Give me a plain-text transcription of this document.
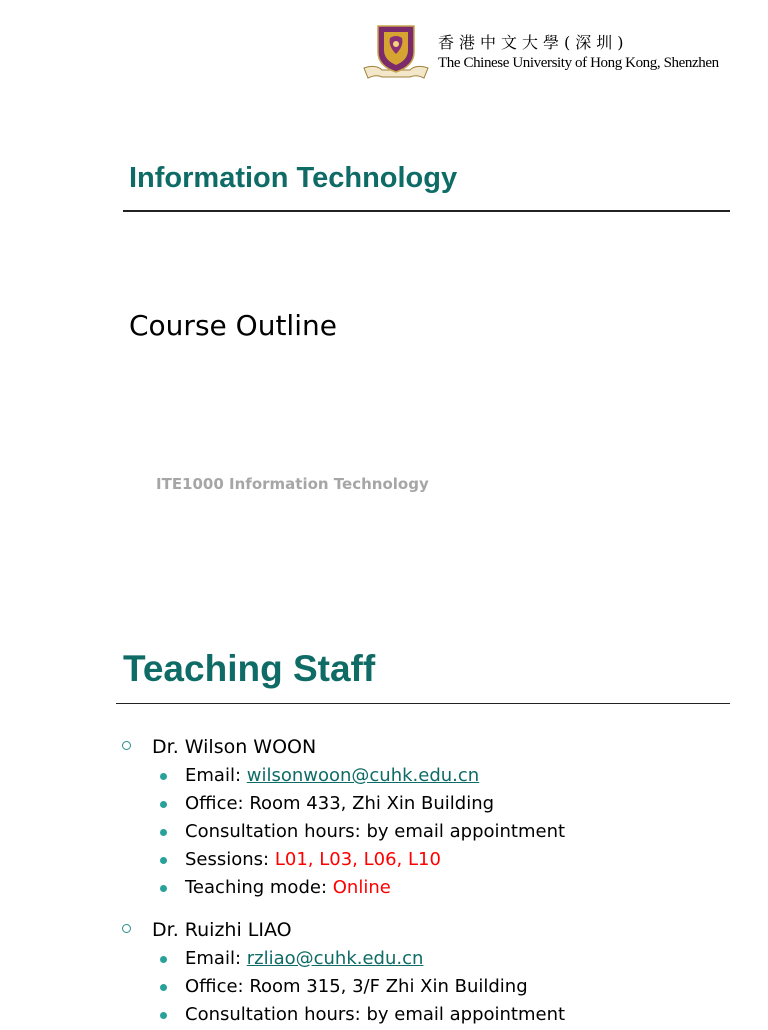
香港中文大學(深圳)
The Chinese University of Hong Kong, Shenzhen
Information Technology
Course Outline
ITE1000 Information Technology
Teaching Staff
Dr. Wilson WOON
Email: wilsonwoon@cuhk.edu.cn
Office: Room 433, Zhi Xin Building
Consultation hours: by email appointment
Sessions: L01, L03, L06, L10
Teaching mode: Online
Dr. Ruizhi LIAO
Email: rzliao@cuhk.edu.cn
Office: Room 315, 3/F Zhi Xin Building
Consultation hours: by email appointment
